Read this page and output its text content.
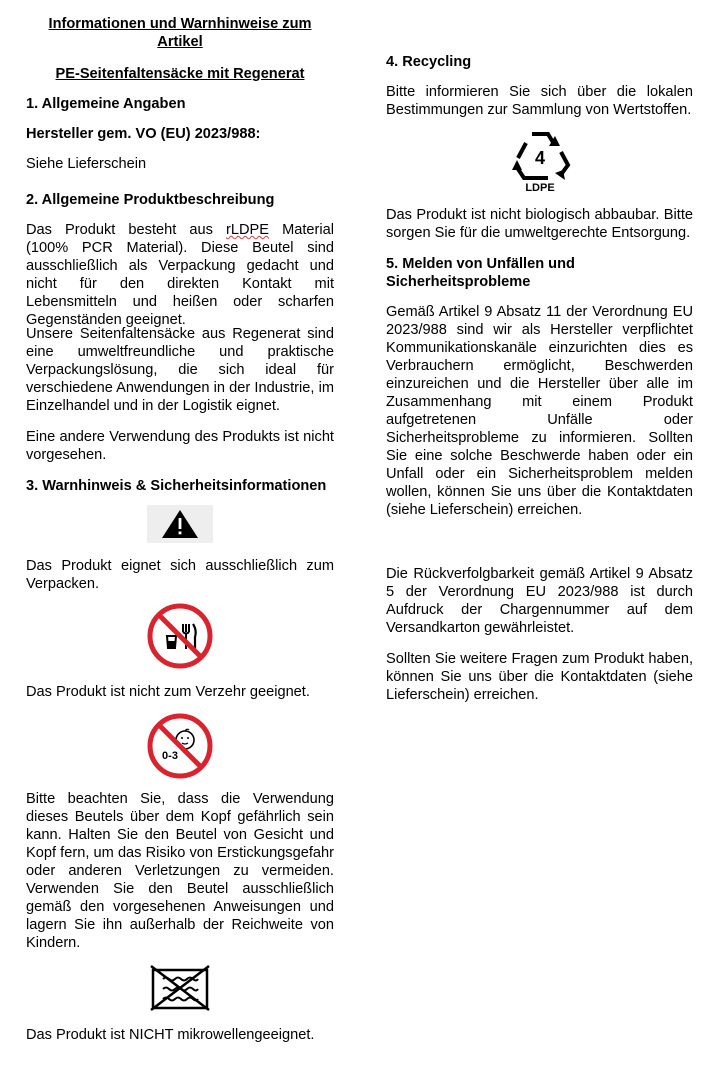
Informationen und Warnhinweise zum Artikel

PE-Seitenfaltensäcke mit Regenerat

1. Allgemeine Angaben

Hersteller gem. VO (EU) 2023/988:

Siehe Lieferschein

2. Allgemeine Produktbeschreibung

Das Produkt besteht aus rLDPE Material (100% PCR Material). Diese Beutel sind ausschließlich als Verpackung gedacht und nicht für den direkten Kontakt mit Lebensmitteln und heißen oder scharfen Gegenständen geeignet.

Unsere Seitenfaltensäcke aus Regenerat sind eine umweltfreundliche und praktische Verpackungslösung, die sich ideal für verschiedene Anwendungen in der Industrie, im Einzelhandel und in der Logistik eignet.

Eine andere Verwendung des Produkts ist nicht vorgesehen.

3. Warnhinweis & Sicherheitsinformationen

Das Produkt eignet sich ausschließlich zum Verpacken.

Das Produkt ist nicht zum Verzehr geeignet.

0-3

Bitte beachten Sie, dass die Verwendung dieses Beutels über dem Kopf gefährlich sein kann. Halten Sie den Beutel von Gesicht und Kopf fern, um das Risiko von Erstickungsgefahr oder anderen Verletzungen zu vermeiden. Verwenden Sie den Beutel ausschließlich gemäß den vorgesehenen Anweisungen und lagern Sie ihn außerhalb der Reichweite von Kindern.

Das Produkt ist NICHT mikrowellengeeignet.

4. Recycling

Bitte informieren Sie sich über die lokalen Bestimmungen zur Sammlung von Wertstoffen.

4
LDPE

Das Produkt ist nicht biologisch abbaubar. Bitte sorgen Sie für die umweltgerechte Entsorgung.

5. Melden von Unfällen und Sicherheitsprobleme

Gemäß Artikel 9 Absatz 11 der Verordnung EU 2023/988 sind wir als Hersteller verpflichtet Kommunikationskanäle einzurichten dies es Verbrauchern ermöglicht, Beschwerden einzureichen und die Hersteller über alle im Zusammenhang mit einem Produkt aufgetretenen Unfälle oder Sicherheitsprobleme zu informieren. Sollten Sie eine solche Beschwerde haben oder ein Unfall oder ein Sicherheitsproblem melden wollen, können Sie uns über die Kontaktdaten (siehe Lieferschein) erreichen.

Die Rückverfolgbarkeit gemäß Artikel 9 Absatz 5 der Verordnung EU 2023/988 ist durch Aufdruck der Chargennummer auf dem Versandkarton gewährleistet.

Sollten Sie weitere Fragen zum Produkt haben, können Sie uns über die Kontaktdaten (siehe Lieferschein) erreichen.
